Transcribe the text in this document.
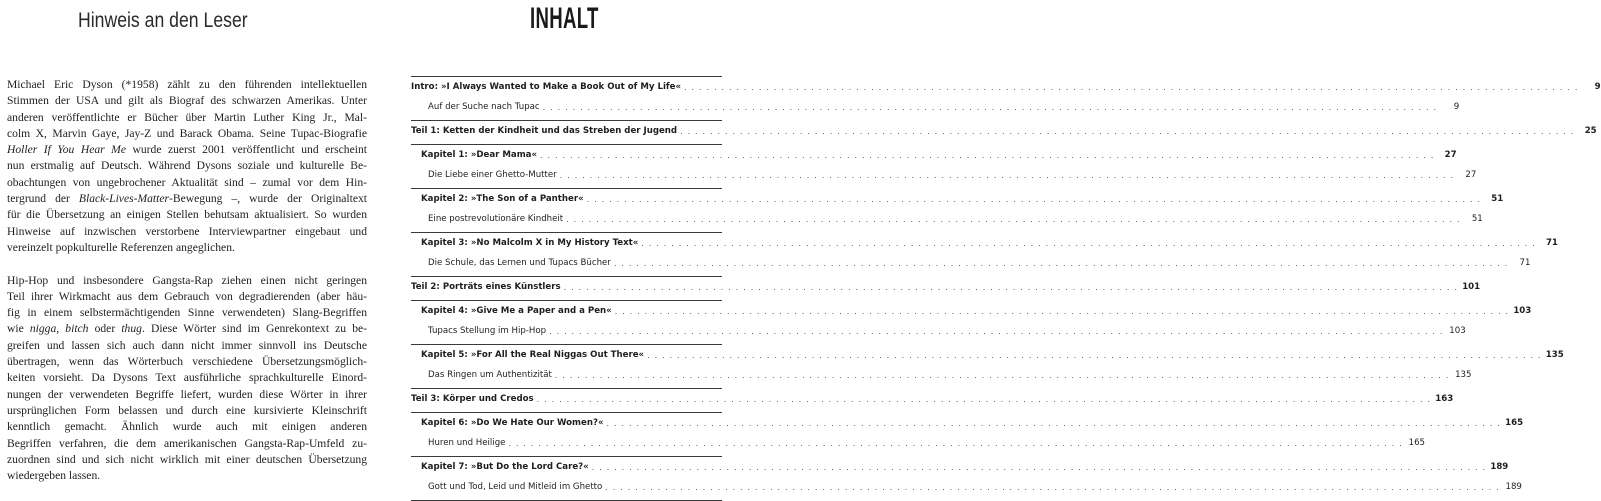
Hinweis an den Leser

Michael Eric Dyson (*1958) zählt zu den führenden intellektuellen
Stimmen der USA und gilt als Biograf des schwarzen Amerikas. Unter
anderen veröffentlichte er Bücher über Martin Luther King Jr., Mal-
colm X, Marvin Gaye, Jay-Z und Barack Obama. Seine Tupac-Biografie
Holler If You Hear Me wurde zuerst 2001 veröffentlicht und erscheint
nun erstmalig auf Deutsch. Während Dysons soziale und kulturelle Be-
obachtungen von ungebrochener Aktualität sind – zumal vor dem Hin-
tergrund der Black-Lives-Matter-Bewegung –, wurde der Originaltext
für die Übersetzung an einigen Stellen behutsam aktualisiert. So wurden
Hinweise auf inzwischen verstorbene Interviewpartner eingebaut und
vereinzelt popkulturelle Referenzen angeglichen.

Hip-Hop und insbesondere Gangsta-Rap ziehen einen nicht geringen
Teil ihrer Wirkmacht aus dem Gebrauch von degradierenden (aber häu-
fig in einem selbstermächtigenden Sinne verwendeten) Slang-Begriffen
wie nigga, bitch oder thug. Diese Wörter sind im Genrekontext zu be-
greifen und lassen sich auch dann nicht immer sinnvoll ins Deutsche
übertragen, wenn das Wörterbuch verschiedene Übersetzungsmöglich-
keiten vorsieht. Da Dysons Text ausführliche sprachkulturelle Einord-
nungen der verwendeten Begriffe liefert, wurden diese Wörter in ihrer
ursprünglichen Form belassen und durch eine kursivierte Kleinschrift
kenntlich gemacht. Ähnlich wurde auch mit einigen anderen
Begriffen verfahren, die dem amerikanischen Gangsta-Rap-Umfeld zu-
zuordnen sind und sich nicht wirklich mit einer deutschen Übersetzung
wiedergeben lassen.

INHALT
Intro: »I Always Wanted to Make a Book Out of My Life« . . . . . . . . . . . . . . . . . . . . . . . . . . . . . . . . . . . . . . . . . . . . . . . . . . . . . . . . . . . . . . . . . . . . . . . . . . . . . . . . . . . . . . . . . . . . . . . . . . . . . . . . . . . . . . . . . . . . . . . .	9
Auf der Suche nach Tupac . . . . . . . . . . . . . . . . . . . . . . . . . . . . . . . . . . . . . . . . . . . . . . . . . . . . . . . . . . . . . . . . . . . . . . . . . . . . . . . . . . . . . . . . . . . . . . . . . . . . . . . . . . . . . . . . . . . . . . . .	9
Teil 1: Ketten der Kindheit und das Streben der Jugend . . . . . . . . . . . . . . . . . . . . . . . . . . . . . . . . . . . . . . . . . . . . . . . . . . . . . . . . . . . . . . . . . . . . . . . . . . . . . . . . . . . . . . . . . . . . . . . . . . . . . . . . . . . . . . . . . . . . . . . .	25
Kapitel 1: »Dear Mama« . . . . . . . . . . . . . . . . . . . . . . . . . . . . . . . . . . . . . . . . . . . . . . . . . . . . . . . . . . . . . . . . . . . . . . . . . . . . . . . . . . . . . . . . . . . . . . . . . . . . . . . . . . . . . . . . . . . . . . . .	27
Die Liebe einer Ghetto-Mutter . . . . . . . . . . . . . . . . . . . . . . . . . . . . . . . . . . . . . . . . . . . . . . . . . . . . . . . . . . . . . . . . . . . . . . . . . . . . . . . . . . . . . . . . . . . . . . . . . . . . . . . . . . . . . . . . . . . . . . . .	27
Kapitel 2: »The Son of a Panther« . . . . . . . . . . . . . . . . . . . . . . . . . . . . . . . . . . . . . . . . . . . . . . . . . . . . . . . . . . . . . . . . . . . . . . . . . . . . . . . . . . . . . . . . . . . . . . . . . . . . . . . . . . . . . . . . . . . . . . . .	51
Eine postrevolutionäre Kindheit . . . . . . . . . . . . . . . . . . . . . . . . . . . . . . . . . . . . . . . . . . . . . . . . . . . . . . . . . . . . . . . . . . . . . . . . . . . . . . . . . . . . . . . . . . . . . . . . . . . . . . . . . . . . . . . . . . . . . . . .	51
Kapitel 3: »No Malcolm X in My History Text« . . . . . . . . . . . . . . . . . . . . . . . . . . . . . . . . . . . . . . . . . . . . . . . . . . . . . . . . . . . . . . . . . . . . . . . . . . . . . . . . . . . . . . . . . . . . . . . . . . . . . . . . . . . . . . . . . . . . . . . .	71
Die Schule, das Lernen und Tupacs Bücher . . . . . . . . . . . . . . . . . . . . . . . . . . . . . . . . . . . . . . . . . . . . . . . . . . . . . . . . . . . . . . . . . . . . . . . . . . . . . . . . . . . . . . . . . . . . . . . . . . . . . . . . . . . . . . . . . . . . . . . .	71
Teil 2: Porträts eines Künstlers . . . . . . . . . . . . . . . . . . . . . . . . . . . . . . . . . . . . . . . . . . . . . . . . . . . . . . . . . . . . . . . . . . . . . . . . . . . . . . . . . . . . . . . . . . . . . . . . . . . . . . . . . . . . . . . . . . . . . . . . 101
Kapitel 4: »Give Me a Paper and a Pen« . . . . . . . . . . . . . . . . . . . . . . . . . . . . . . . . . . . . . . . . . . . . . . . . . . . . . . . . . . . . . . . . . . . . . . . . . . . . . . . . . . . . . . . . . . . . . . . . . . . . . . . . . . . . . . . . . . . . . . . . 103
Tupacs Stellung im Hip-Hop . . . . . . . . . . . . . . . . . . . . . . . . . . . . . . . . . . . . . . . . . . . . . . . . . . . . . . . . . . . . . . . . . . . . . . . . . . . . . . . . . . . . . . . . . . . . . . . . . . . . . . . . . . . . . . . . . . . . . . . . 103
Kapitel 5: »For All the Real Niggas Out There« . . . . . . . . . . . . . . . . . . . . . . . . . . . . . . . . . . . . . . . . . . . . . . . . . . . . . . . . . . . . . . . . . . . . . . . . . . . . . . . . . . . . . . . . . . . . . . . . . . . . . . . . . . . . . . . . . . . . . . . . 135
Das Ringen um Authentizität . . . . . . . . . . . . . . . . . . . . . . . . . . . . . . . . . . . . . . . . . . . . . . . . . . . . . . . . . . . . . . . . . . . . . . . . . . . . . . . . . . . . . . . . . . . . . . . . . . . . . . . . . . . . . . . . . . . . . . . . 135
Teil 3: Körper und Credos . . . . . . . . . . . . . . . . . . . . . . . . . . . . . . . . . . . . . . . . . . . . . . . . . . . . . . . . . . . . . . . . . . . . . . . . . . . . . . . . . . . . . . . . . . . . . . . . . . . . . . . . . . . . . . . . . . . . . . . . 163
Kapitel 6: »Do We Hate Our Women?« . . . . . . . . . . . . . . . . . . . . . . . . . . . . . . . . . . . . . . . . . . . . . . . . . . . . . . . . . . . . . . . . . . . . . . . . . . . . . . . . . . . . . . . . . . . . . . . . . . . . . . . . . . . . . . . . . . . . . . . . 165
Huren und Heilige . . . . . . . . . . . . . . . . . . . . . . . . . . . . . . . . . . . . . . . . . . . . . . . . . . . . . . . . . . . . . . . . . . . . . . . . . . . . . . . . . . . . . . . . . . . . . . . . . . . . . . . . . . . . . . . . . . . . . . . . 165
Kapitel 7: »But Do the Lord Care?« . . . . . . . . . . . . . . . . . . . . . . . . . . . . . . . . . . . . . . . . . . . . . . . . . . . . . . . . . . . . . . . . . . . . . . . . . . . . . . . . . . . . . . . . . . . . . . . . . . . . . . . . . . . . . . . . . . . . . . . . 189
Gott und Tod, Leid und Mitleid im Ghetto . . . . . . . . . . . . . . . . . . . . . . . . . . . . . . . . . . . . . . . . . . . . . . . . . . . . . . . . . . . . . . . . . . . . . . . . . . . . . . . . . . . . . . . . . . . . . . . . . . . . . . . . . . . . . . . . . . . . . . . . 189
